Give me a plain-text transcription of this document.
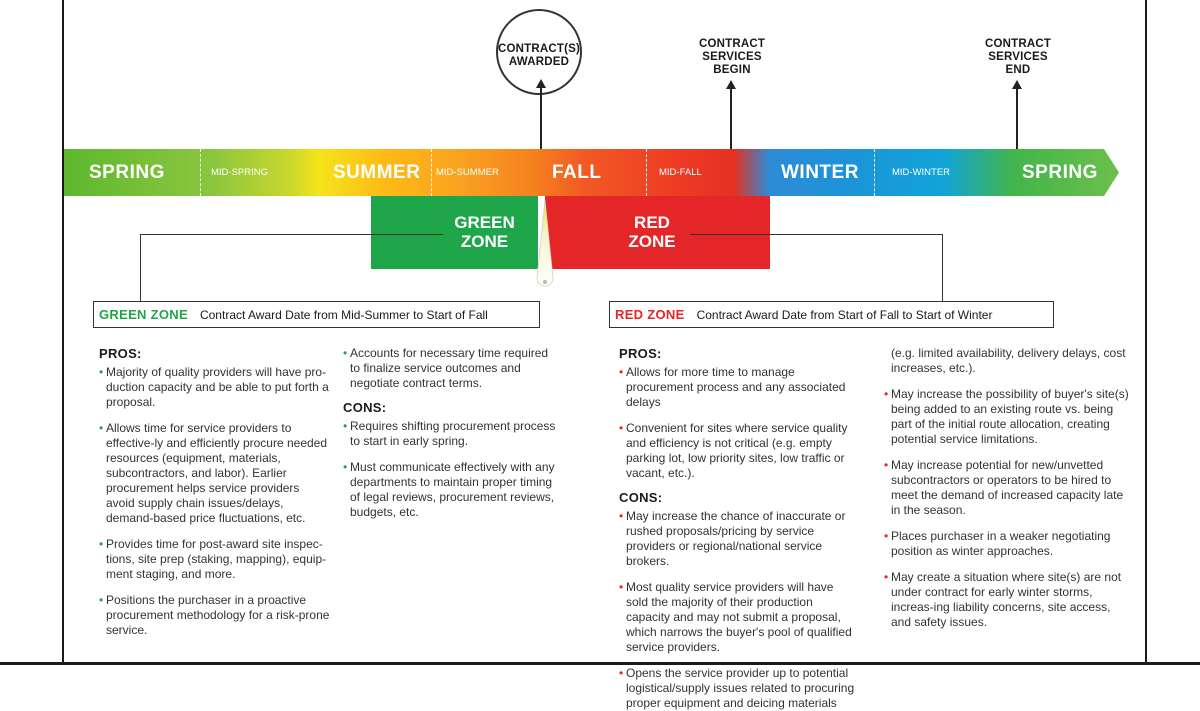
CONTRACT(S)
AWARDED
CONTRACT
SERVICES
BEGIN
CONTRACT
SERVICES
END
SPRING	MID-SPRING	SUMMER MID-SUMMER	FALL	MID-FALL	WINTER	MID-WINTER	SPRING
GREEN
ZONE
RED
ZONE
GREEN ZONE Contract Award Date from Mid-Summer to Start of Fall	RED ZONE Contract Award Date from Start of Fall to Start of Winter
PROS:
• Majority of quality providers will have pro-duction capacity and be able to put forth a proposal.
• Allows time for service providers to effective-ly and efficiently procure needed resources (equipment, materials, subcontractors, and labor). Earlier procurement helps service providers avoid supply chain issues/delays, demand-based price fluctuations, etc.
• Provides time for post-award site inspec-tions, site prep (staking, mapping), equip-ment staging, and more.
• Positions the purchaser in a proactive procurement methodology for a risk-prone service.
• Accounts for necessary time required to finalize service outcomes and negotiate contract terms.
CONS:
• Requires shifting procurement process to start in early spring.
• Must communicate effectively with any departments to maintain proper timing of legal reviews, procurement reviews, budgets, etc.
PROS:
• Allows for more time to manage procurement process and any associated delays
• Convenient for sites where service quality and efficiency is not critical (e.g. empty parking lot, low priority sites, low traffic or vacant, etc.).
CONS:
• May increase the chance of inaccurate or rushed proposals/pricing by service providers or regional/national service brokers.
• Most quality service providers will have sold the majority of their production capacity and may not submit a proposal, which narrows the buyer's pool of qualified service providers.
• Opens the service provider up to potential logistical/supply issues related to procuring proper equipment and deicing materials
(e.g. limited availability, delivery delays, cost increases, etc.).
• May increase the possibility of buyer's site(s) being added to an existing route vs. being part of the initial route allocation, creating potential service limitations.
• May increase potential for new/unvetted subcontractors or operators to be hired to meet the demand of increased capacity late in the season.
• Places purchaser in a weaker negotiating position as winter approaches.
• May create a situation where site(s) are not under contract for early winter storms, increas-ing liability concerns, site access, and safety issues.
